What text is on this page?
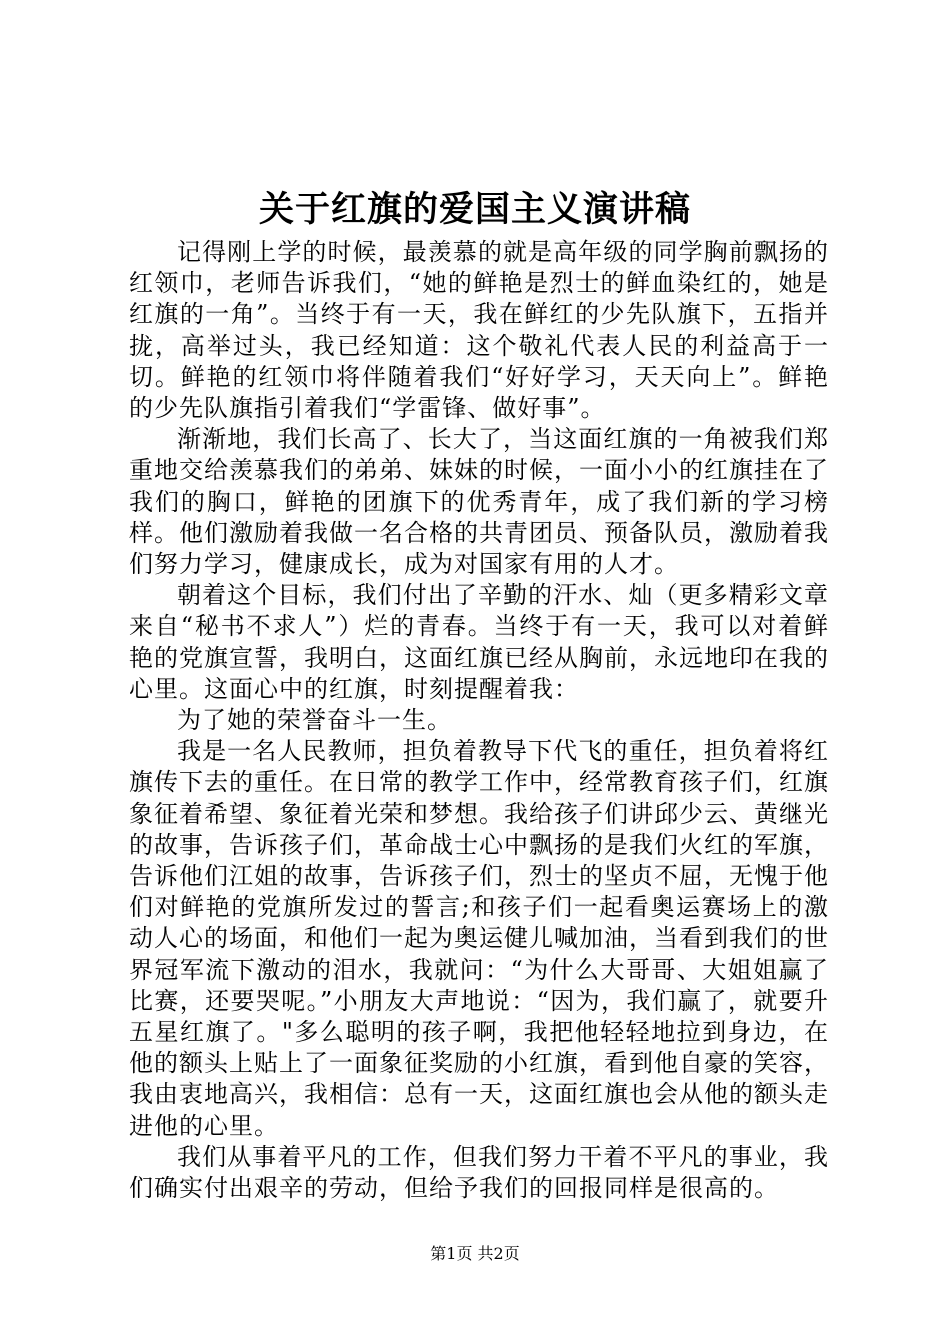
关于红旗的爱国主义演讲稿

记得刚上学的时候，最羡慕的就是高年级的同学胸前飘扬的红领巾，老师告诉我们，“她的鲜艳是烈士的鲜血染红的，她是红旗的一角”。当终于有一天，我在鲜红的少先队旗下，五指并拢，高举过头，我已经知道：这个敬礼代表人民的利益高于一切。鲜艳的红领巾将伴随着我们“好好学习，天天向上”。鲜艳的少先队旗指引着我们“学雷锋、做好事”。

渐渐地，我们长高了、长大了，当这面红旗的一角被我们郑重地交给羡慕我们的弟弟、妹妹的时候，一面小小的红旗挂在了我们的胸口，鲜艳的团旗下的优秀青年，成了我们新的学习榜样。他们激励着我做一名合格的共青团员、预备队员，激励着我们努力学习，健康成长，成为对国家有用的人才。

朝着这个目标，我们付出了辛勤的汗水、灿（更多精彩文章来自“秘书不求人”）烂的青春。当终于有一天，我可以对着鲜艳的党旗宣誓，我明白，这面红旗已经从胸前，永远地印在我的心里。这面心中的红旗，时刻提醒着我：

为了她的荣誉奋斗一生。

我是一名人民教师，担负着教导下代飞的重任，担负着将红旗传下去的重任。在日常的教学工作中，经常教育孩子们，红旗象征着希望、象征着光荣和梦想。我给孩子们讲邱少云、黄继光的故事，告诉孩子们，革命战士心中飘扬的是我们火红的军旗，告诉他们江姐的故事，告诉孩子们，烈士的坚贞不屈，无愧于他们对鲜艳的党旗所发过的誓言;和孩子们一起看奥运赛场上的激动人心的场面，和他们一起为奥运健儿喊加油，当看到我们的世界冠军流下激动的泪水，我就问：“为什么大哥哥、大姐姐赢了比赛，还要哭呢。”小朋友大声地说：“因为，我们赢了，就要升五星红旗了。"多么聪明的孩子啊，我把他轻轻地拉到身边，在他的额头上贴上了一面象征奖励的小红旗，看到他自豪的笑容，我由衷地高兴，我相信：总有一天，这面红旗也会从他的额头走进他的心里。

我们从事着平凡的工作，但我们努力干着不平凡的事业，我们确实付出艰辛的劳动，但给予我们的回报同样是很高的。

第1页 共2页
